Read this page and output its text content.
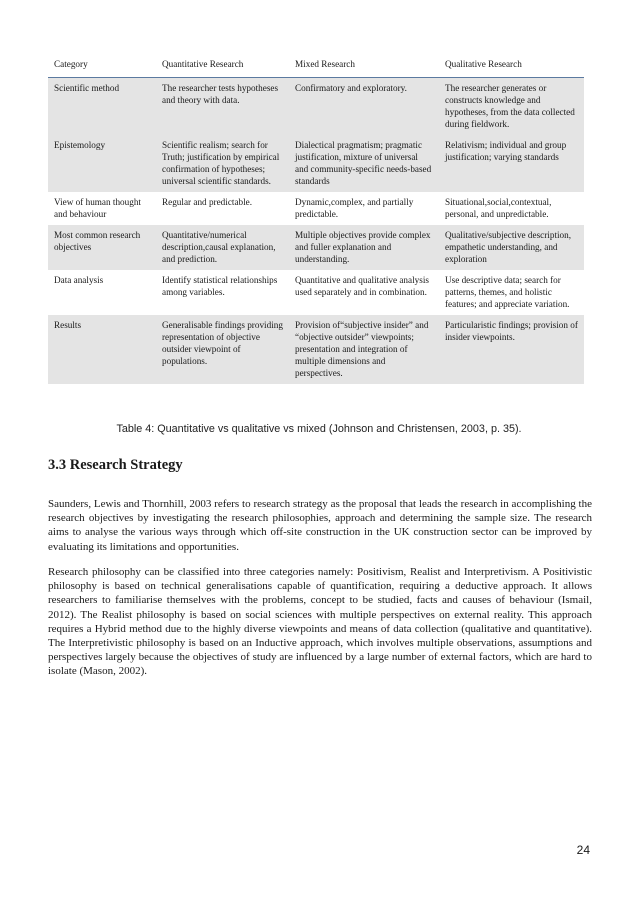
Category	Quantitative Research	Mixed Research	Qualitative Research
Scientific method	The researcher tests hypotheses and theory with data.	Confirmatory and exploratory.	The researcher generates or constructs knowledge and hypotheses, from the data collected during fieldwork.
Epistemology	Scientific realism; search for Truth; justification by empirical confirmation of hypotheses; universal scientific standards.	Dialectical pragmatism; pragmatic justification, mixture of universal and community-specific needs-based standards	Relativism; individual and group justification; varying standards
View of human thought and behaviour	Regular and predictable.	Dynamic,complex, and partially predictable.	Situational,social,contextual, personal, and unpredictable.
Most common research objectives	Quantitative/numerical description,causal explanation, and prediction.	Multiple objectives provide complex and fuller explanation and understanding.	Qualitative/subjective description, empathetic understanding, and exploration
Data analysis	Identify statistical relationships among variables.	Quantitative and qualitative analysis used separately and in combination.	Use descriptive data; search for patterns, themes, and holistic features; and appreciate variation.
Results	Generalisable findings providing representation of objective outsider viewpoint of populations.	Provision of“subjective insider” and “objective outsider” viewpoints; presentation and integration of multiple dimensions and perspectives.	Particularistic findings; provision of insider viewpoints.
Table 4: Quantitative vs qualitative vs mixed (Johnson and Christensen, 2003, p. 35).
3.3 Research Strategy

Saunders, Lewis and Thornhill, 2003 refers to research strategy as the proposal that leads the research in accomplishing the research objectives by investigating the research philosophies, approach and determining the sample size. The research aims to analyse the various ways through which off-site construction in the UK construction sector can be improved by evaluating its limitations and opportunities.

Research philosophy can be classified into three categories namely: Positivism, Realist and Interpretivism. A Positivistic philosophy is based on technical generalisations capable of quantification, requiring a deductive approach. It allows researchers to familiarise themselves with the problems, concept to be studied, facts and causes of behaviour (Ismail, 2012). The Realist philosophy is based on social sciences with multiple perspectives on external reality. This approach requires a Hybrid method due to the highly diverse viewpoints and means of data collection (qualitative and quantitative). The Interpretivistic philosophy is based on an Inductive approach, which involves multiple observations, assumptions and perspectives largely because the objectives of study are influenced by a large number of external factors, which are hard to isolate (Mason, 2002).

24
